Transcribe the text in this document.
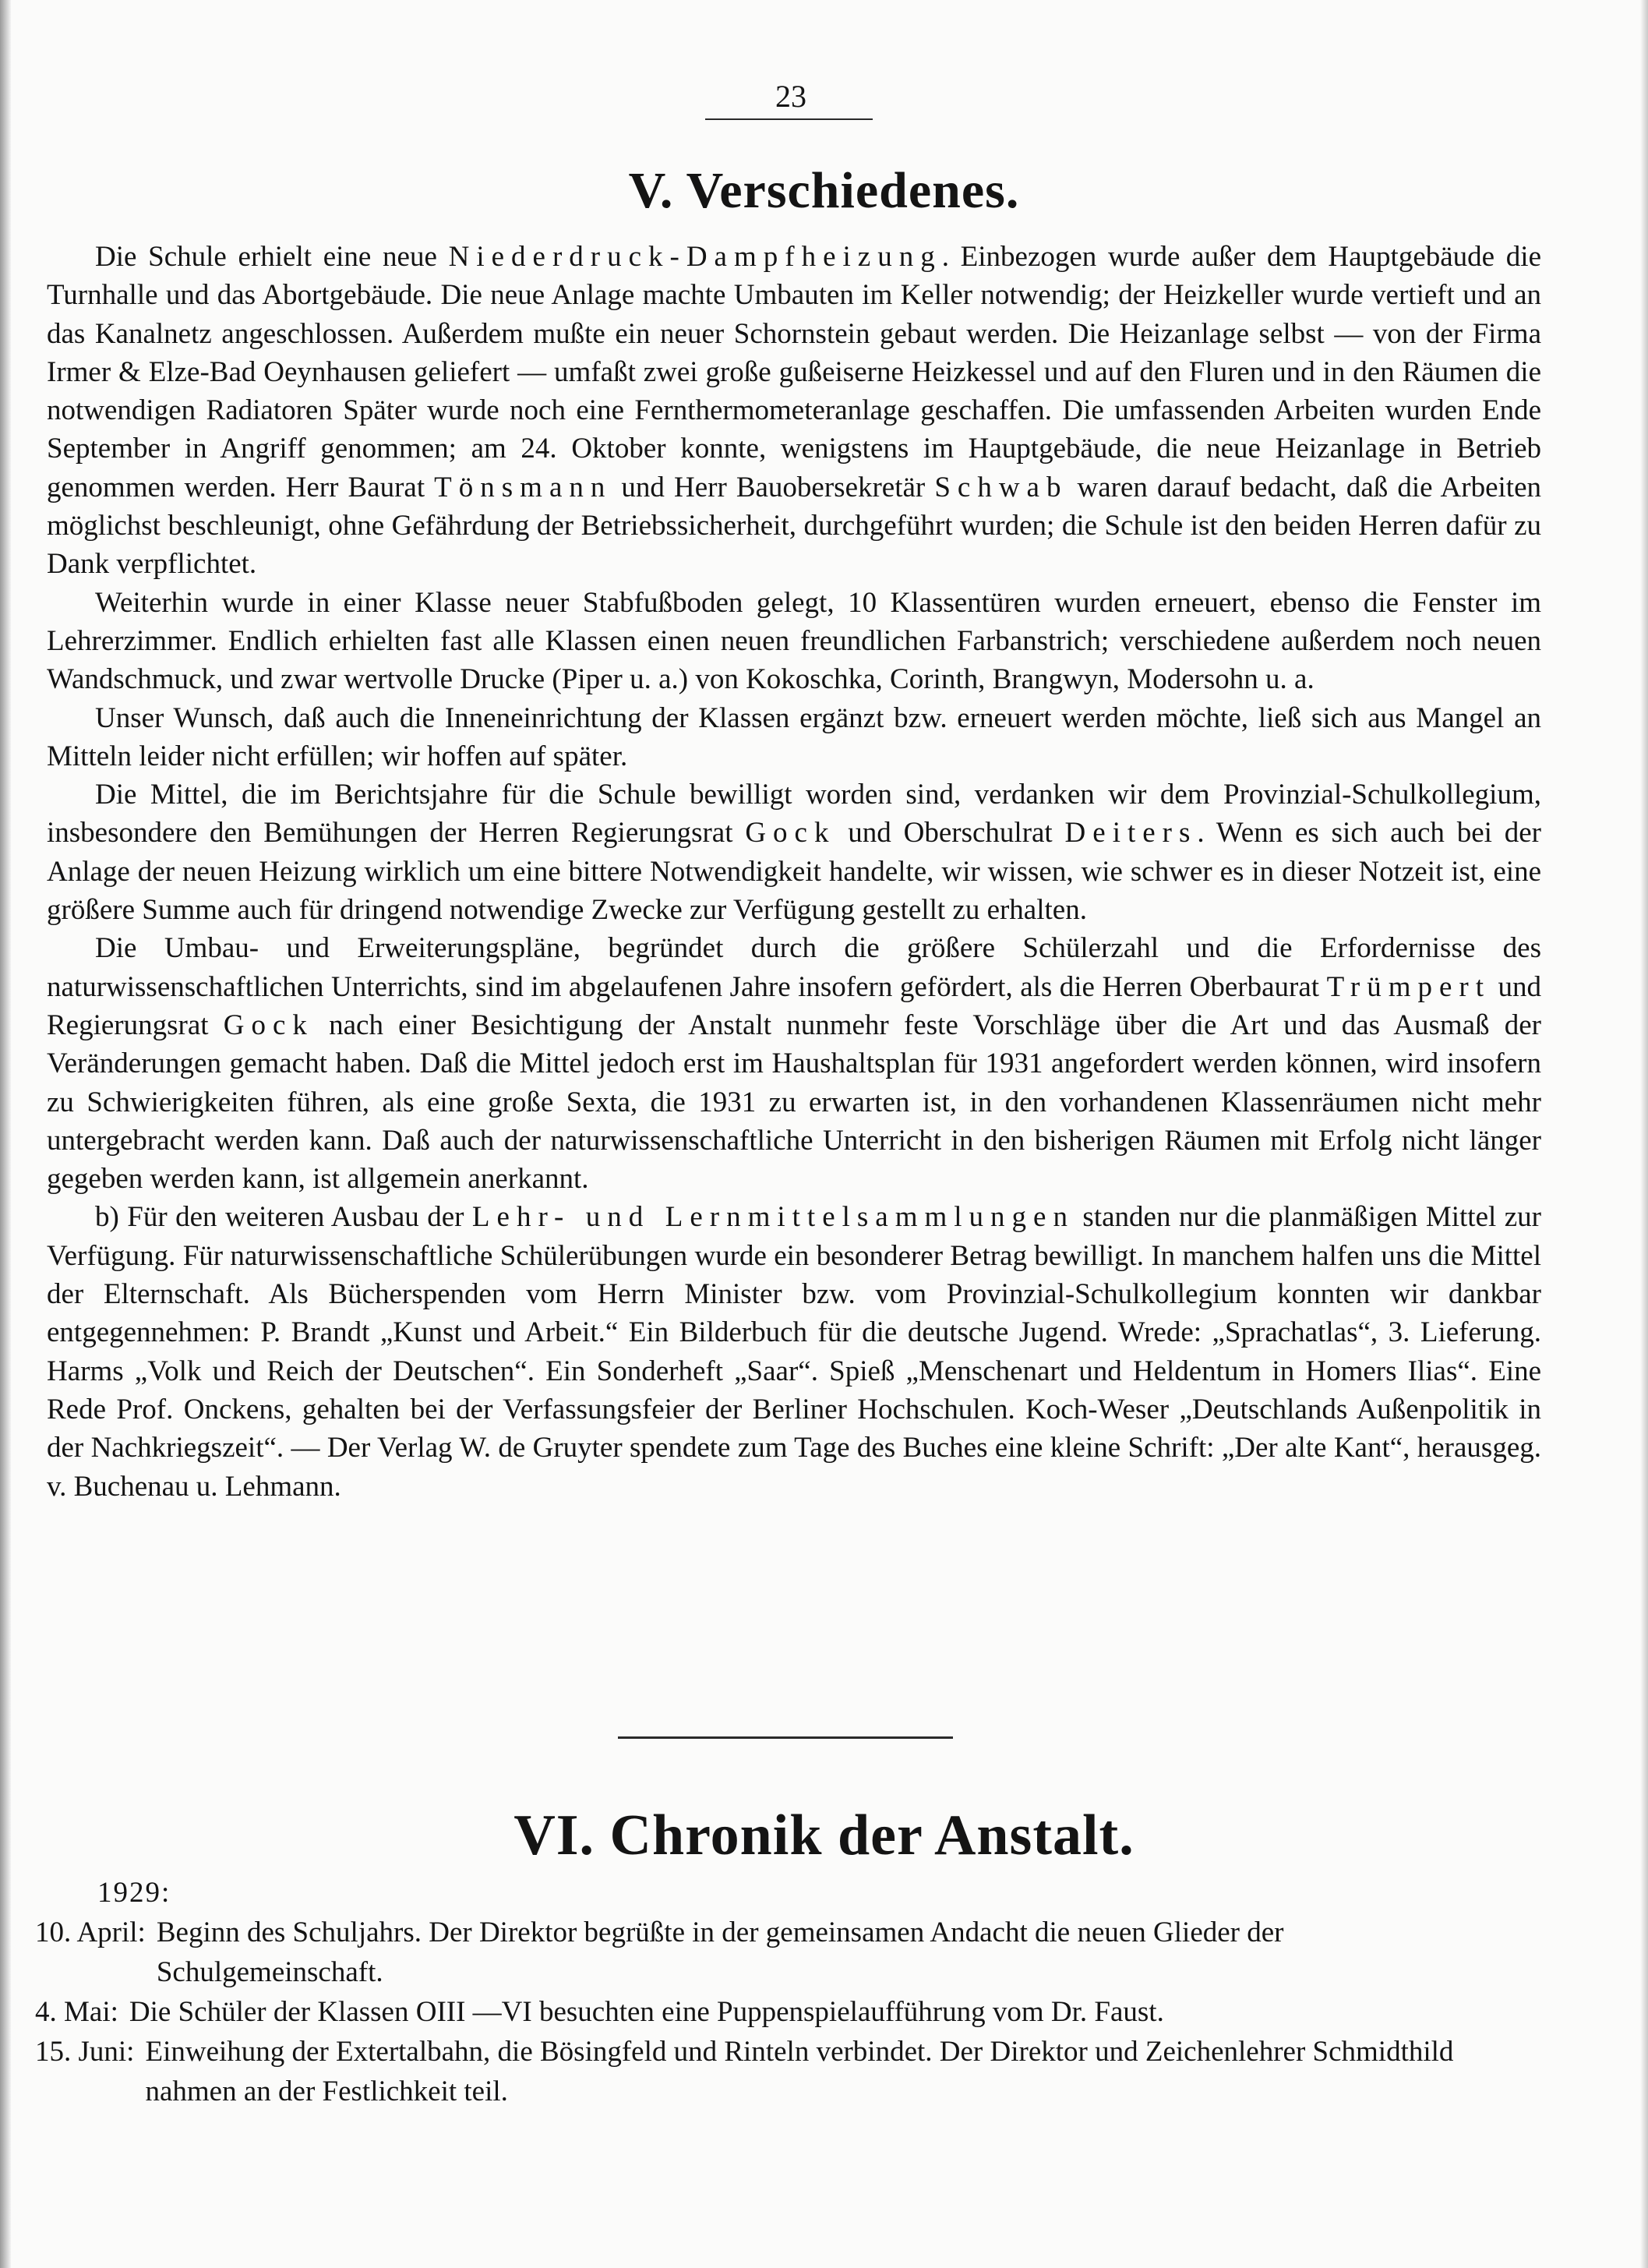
23
V. Verschiedenes.

Die Schule erhielt eine neue Niederdruck-Dampfheizung. Einbezogen wurde außer dem Hauptgebäude die Turnhalle und das Abortgebäude. Die neue Anlage machte Umbauten im Keller notwendig; der Heizkeller wurde vertieft und an das Kanalnetz angeschlossen. Außerdem mußte ein neuer Schornstein gebaut werden. Die Heizanlage selbst — von der Firma Irmer & Elze-Bad Oeynhausen geliefert — umfaßt zwei große gußeiserne Heizkessel und auf den Fluren und in den Räumen die notwendigen Radiatoren Später wurde noch eine Fernthermometeranlage geschaffen. Die umfassenden Arbeiten wurden Ende September in Angriff genommen; am 24. Oktober konnte, wenigstens im Hauptgebäude, die neue Heizanlage in Betrieb genommen werden. Herr Baurat Tönsmann und Herr Bauobersekretär Schwab waren darauf bedacht, daß die Arbeiten möglichst beschleunigt, ohne Gefährdung der Betriebssicherheit, durchgeführt wurden; die Schule ist den beiden Herren dafür zu Dank verpflichtet.

Weiterhin wurde in einer Klasse neuer Stabfußboden gelegt, 10 Klassentüren wurden erneuert, ebenso die Fenster im Lehrerzimmer. Endlich erhielten fast alle Klassen einen neuen freundlichen Farbanstrich; verschiedene außerdem noch neuen Wandschmuck, und zwar wertvolle Drucke (Piper u. a.) von Kokoschka, Corinth, Brangwyn, Modersohn u. a.

Unser Wunsch, daß auch die Inneneinrichtung der Klassen ergänzt bzw. erneuert werden möchte, ließ sich aus Mangel an Mitteln leider nicht erfüllen; wir hoffen auf später.

Die Mittel, die im Berichtsjahre für die Schule bewilligt worden sind, verdanken wir dem Provinzial-Schulkollegium, insbesondere den Bemühungen der Herren Regierungsrat Gock und Oberschulrat Deiters. Wenn es sich auch bei der Anlage der neuen Heizung wirklich um eine bittere Notwendigkeit handelte, wir wissen, wie schwer es in dieser Notzeit ist, eine größere Summe auch für dringend notwendige Zwecke zur Verfügung gestellt zu erhalten.

Die Umbau- und Erweiterungspläne, begründet durch die größere Schülerzahl und die Erfordernisse des naturwissenschaftlichen Unterrichts, sind im abgelaufenen Jahre insofern gefördert, als die Herren Oberbaurat Trümpert und Regierungsrat Gock nach einer Besichtigung der Anstalt nunmehr feste Vorschläge über die Art und das Ausmaß der Veränderungen gemacht haben. Daß die Mittel jedoch erst im Haushaltsplan für 1931 angefordert werden können, wird insofern zu Schwierigkeiten führen, als eine große Sexta, die 1931 zu erwarten ist, in den vorhandenen Klassenräumen nicht mehr untergebracht werden kann. Daß auch der naturwissenschaftliche Unterricht in den bisherigen Räumen mit Erfolg nicht länger gegeben werden kann, ist allgemein anerkannt.

b) Für den weiteren Ausbau der Lehr- und Lernmittelsammlungen standen nur die planmäßigen Mittel zur Verfügung. Für naturwissenschaftliche Schülerübungen wurde ein besonderer Betrag bewilligt. In manchem halfen uns die Mittel der Elternschaft. Als Bücherspenden vom Herrn Minister bzw. vom Provinzial-Schulkollegium konnten wir dankbar entgegennehmen: P. Brandt „Kunst und Arbeit.“ Ein Bilderbuch für die deutsche Jugend. Wrede: „Sprachatlas“, 3. Lieferung. Harms „Volk und Reich der Deutschen“. Ein Sonderheft „Saar“. Spieß „Menschenart und Heldentum in Homers Ilias“. Eine Rede Prof. Onckens, gehalten bei der Verfassungsfeier der Berliner Hochschulen. Koch-Weser „Deutschlands Außenpolitik in der Nachkriegszeit“. — Der Verlag W. de Gruyter spendete zum Tage des Buches eine kleine Schrift: „Der alte Kant“, herausgeg. v. Buchenau u. Lehmann.

VI. Chronik der Anstalt.
1929:
10. April: Beginn des Schuljahrs. Der Direktor begrüßte in der gemeinsamen Andacht die neuen Glieder der Schulgemeinschaft.
4. Mai: Die Schüler der Klassen OIII —VI besuchten eine Puppenspielaufführung vom Dr. Faust.
15. Juni: Einweihung der Extertalbahn, die Bösingfeld und Rinteln verbindet. Der Direktor und Zeichenlehrer Schmidthild nahmen an der Festlichkeit teil.
